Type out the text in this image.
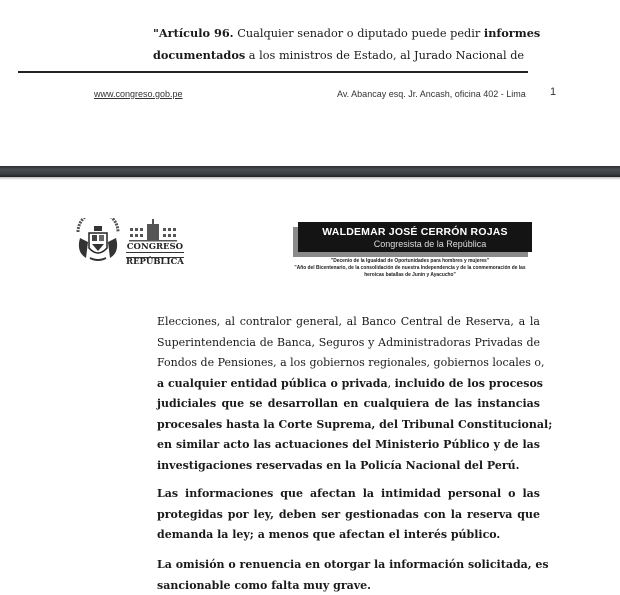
"Artículo 96. Cualquier senador o diputado puede pedir informes
documentados a los ministros de Estado, al Jurado Nacional de
www.congreso.gob.pe	Av. Abancay esq. Jr. Ancash, oficina 402 - Lima 1
CONGRESO

REPÚBLICA
WALDEMAR JOSÉ CERRÓN ROJAS
Congresista de la República
"Decenio de la Igualdad de Oportunidades para hombres y mujeres"
"Año del Bicentenario, de la consolidación de nuestra Independencia y de la conmemoración de las
heroicas batallas de Junín y Ayacucho"
Elecciones, al contralor general, al Banco Central de Reserva, a la
Superintendencia de Banca, Seguros y Administradoras Privadas de
Fondos de Pensiones, a los gobiernos regionales, gobiernos locales o,
a cualquier entidad pública o privada, incluido de los procesos
judiciales que se desarrollan en cualquiera de las instancias
procesales hasta la Corte Suprema, del Tribunal Constitucional;
en similar acto las actuaciones del Ministerio Público y de las
investigaciones reservadas en la Policía Nacional del Perú.
Las informaciones que afectan la intimidad personal o las
protegidas por ley, deben ser gestionadas con la reserva que
demanda la ley; a menos que afectan el interés público.
La omisión o renuencia en otorgar la información solicitada, es
sancionable como falta muy grave.
